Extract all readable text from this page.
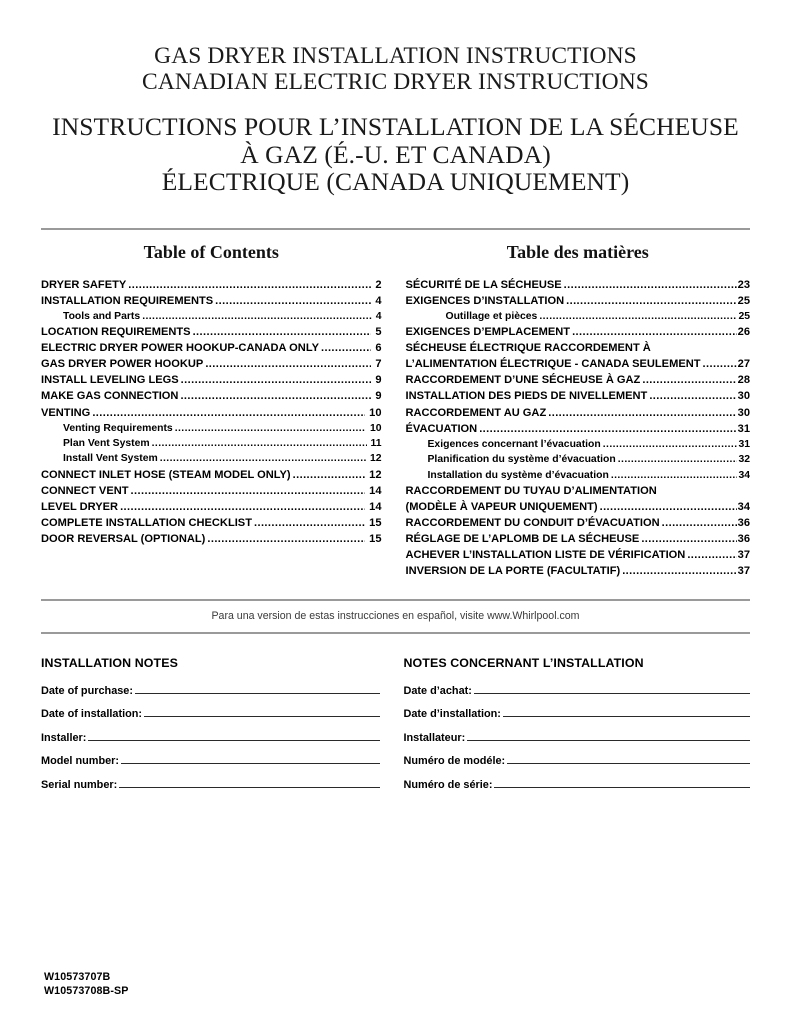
GAS DRYER INSTALLATION INSTRUCTIONS
CANADIAN ELECTRIC DRYER INSTRUCTIONS
INSTRUCTIONS POUR L’INSTALLATION DE LA SÉCHEUSE
À GAZ (É.-U. ET CANADA)
ÉLECTRIQUE (CANADA UNIQUEMENT)
Table of Contents
DRYER SAFETY .....	2
INSTALLATION REQUIREMENTS .....	4
Tools and Parts .....	4
LOCATION REQUIREMENTS .....	5
ELECTRIC DRYER POWER HOOKUP-CANADA ONLY .....	6
GAS DRYER POWER HOOKUP .....	7
INSTALL LEVELING LEGS .....	9
MAKE GAS CONNECTION .....	9
VENTING .....	10
Venting Requirements .....	10
Plan Vent System .....	11
Install Vent System .....	12
CONNECT INLET HOSE (STEAM MODEL ONLY) .....	12
CONNECT VENT .....	14
LEVEL DRYER .....	14
COMPLETE INSTALLATION CHECKLIST .....	15
DOOR REVERSAL (OPTIONAL) .....	15
Table des matières
SÉCURITÉ DE LA SÉCHEUSE .....	23
EXIGENCES D’INSTALLATION .....	25
Outillage et pièces .....	25
EXIGENCES D’EMPLACEMENT .....	26
SÉCHEUSE ÉLECTRIQUE RACCORDEMENT À
L’ALIMENTATION ÉLECTRIQUE - CANADA SEULEMENT .....	27
RACCORDEMENT D’UNE SÉCHEUSE À GAZ .....	28
INSTALLATION DES PIEDS DE NIVELLEMENT .....	30
RACCORDEMENT AU GAZ .....	30
ÉVACUATION .....	31
Exigences concernant l’évacuation .....	31
Planification du système d’évacuation .....	32
Installation du système d’évacuation .....	34
RACCORDEMENT DU TUYAU D’ALIMENTATION
(MODÈLE À VAPEUR UNIQUEMENT) .....	34
RACCORDEMENT DU CONDUIT D’ÉVACUATION .....	36
RÉGLAGE DE L’APLOMB DE LA SÉCHEUSE .....	36
ACHEVER L’INSTALLATION LISTE DE VÉRIFICATION .....	37
INVERSION DE LA PORTE (FACULTATIF) .....	37
Para una version de estas instrucciones en español, visite www.Whirlpool.com
INSTALLATION NOTES
Date of purchase:
Date of installation:
Installer:
Model number:
Serial number:
NOTES CONCERNANT L’INSTALLATION
Date d’achat:
Date d’installation:
Installateur:
Numéro de modéle:
Numéro de série:
W10573707B
W10573708B-SP
